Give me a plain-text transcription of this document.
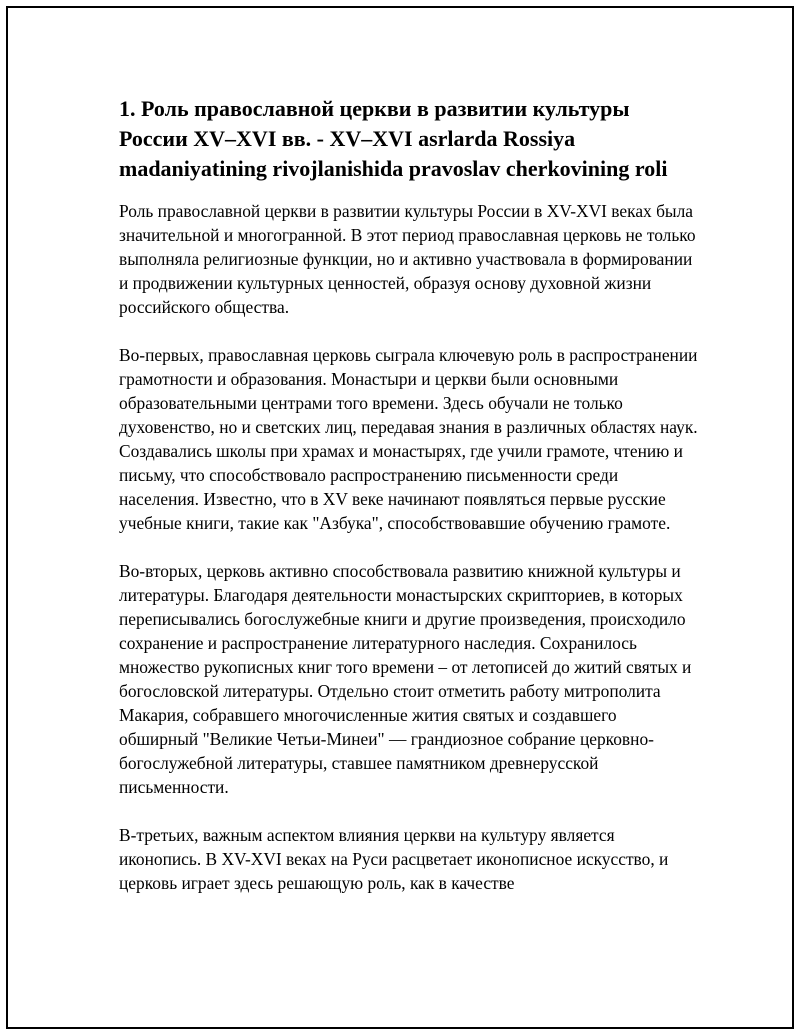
1. Роль православной церкви в развитии культуры России XV–XVI вв. - XV–XVI asrlarda Rossiya madaniyatining rivojlanishida pravoslav cherkovining roli

Роль православной церкви в развитии культуры России в XV-XVI веках была значительной и многогранной. В этот период православная церковь не только выполняла религиозные функции, но и активно участвовала в формировании и продвижении культурных ценностей, образуя основу духовной жизни российского общества.

Во-первых, православная церковь сыграла ключевую роль в распространении грамотности и образования. Монастыри и церкви были основными образовательными центрами того времени. Здесь обучали не только духовенство, но и светских лиц, передавая знания в различных областях наук. Создавались школы при храмах и монастырях, где учили грамоте, чтению и письму, что способствовало распространению письменности среди населения. Известно, что в XV веке начинают появляться первые русские учебные книги, такие как "Азбука", способствовавшие обучению грамоте.

Во-вторых, церковь активно способствовала развитию книжной культуры и литературы. Благодаря деятельности монастырских скрипториев, в которых переписывались богослужебные книги и другие произведения, происходило сохранение и распространение литературного наследия. Сохранилось множество рукописных книг того времени – от летописей до житий святых и богословской литературы. Отдельно стоит отметить работу митрополита Макария, собравшего многочисленные жития святых и создавшего обширный "Великие Четьи-Минеи" — грандиозное собрание церковно-богослужебной литературы, ставшее памятником древнерусской письменности.

В-третьих, важным аспектом влияния церкви на культуру является иконопись. В XV-XVI веках на Руси расцветает иконописное искусство, и церковь играет здесь решающую роль, как в качестве
